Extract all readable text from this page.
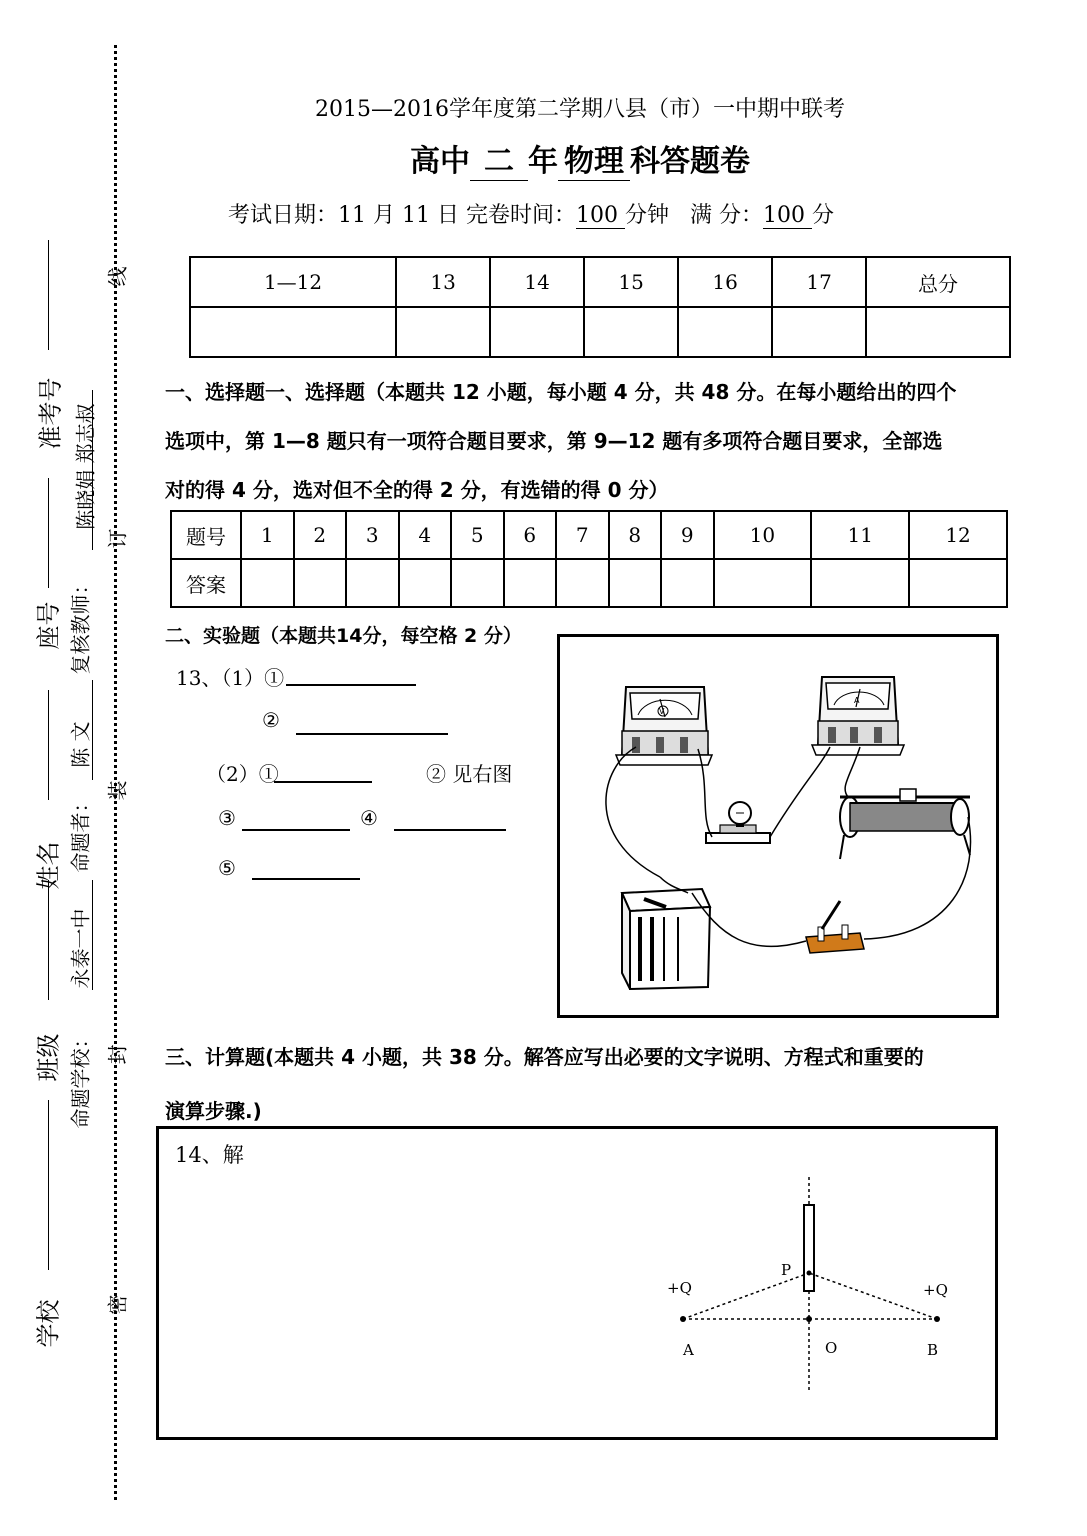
线
订
装
封
密
准考号
座号
姓名
班级
学校
陈晓娟 郑志叔
复核教师：
陈 文
命题者：
永泰一中
命题学校：
2015—2016学年度第二学期八县（市）一中期中联考
高中 二 年 物理 科答题卷
考试日期：11 月 11 日 完卷时间：100 分钟 满 分：100 分
1—12	13	14	15	16	17	总分

一、选择题一、选择题（本题共 12 小题，每小题 4 分，共 48 分。在每小题给出的四个
选项中，第 1—8 题只有一项符合题目要求，第 9—12 题有多项符合题目要求，全部选
对的得 4 分，选对但不全的得 2 分，有选错的得 0 分）
题号	1	2	3	4	5	6	7	8	9	10	11	12
答案												
二、实验题（本题共14分，每空格 2 分）
13、（1）①
②
（2）①	② 见右图
③	④
⑤
V
A
三、计算题(本题共 4 小题，共 38 分。解答应写出必要的文字说明、方程式和重要的
演算步骤.)
14、解
+Q	+Q
P
A	O	B
